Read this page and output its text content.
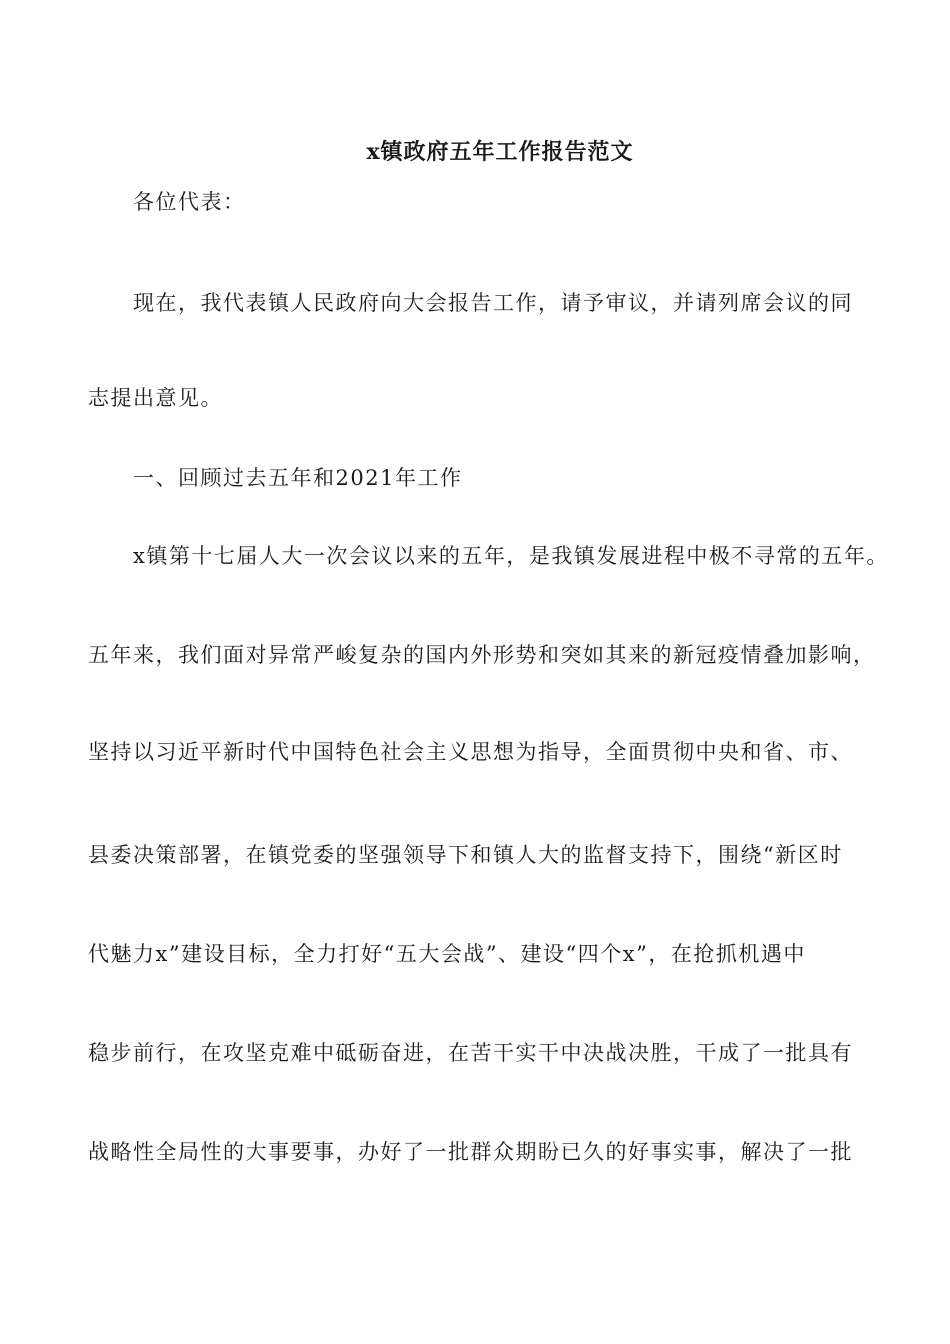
x镇政府五年工作报告范文
各位代表：
现在，我代表镇人民政府向大会报告工作，请予审议，并请列席会议的同
志提出意见。
一、回顾过去五年和2021年工作
x镇第十七届人大一次会议以来的五年，是我镇发展进程中极不寻常的五年。
五年来，我们面对异常严峻复杂的国内外形势和突如其来的新冠疫情叠加影响，
坚持以习近平新时代中国特色社会主义思想为指导，全面贯彻中央和省、市、
县委决策部署，在镇党委的坚强领导下和镇人大的监督支持下，围绕“新区时
代魅力x”建设目标，全力打好“五大会战”、建设“四个x”，在抢抓机遇中
稳步前行，在攻坚克难中砥砺奋进，在苦干实干中决战决胜，干成了一批具有
战略性全局性的大事要事，办好了一批群众期盼已久的好事实事，解决了一批
